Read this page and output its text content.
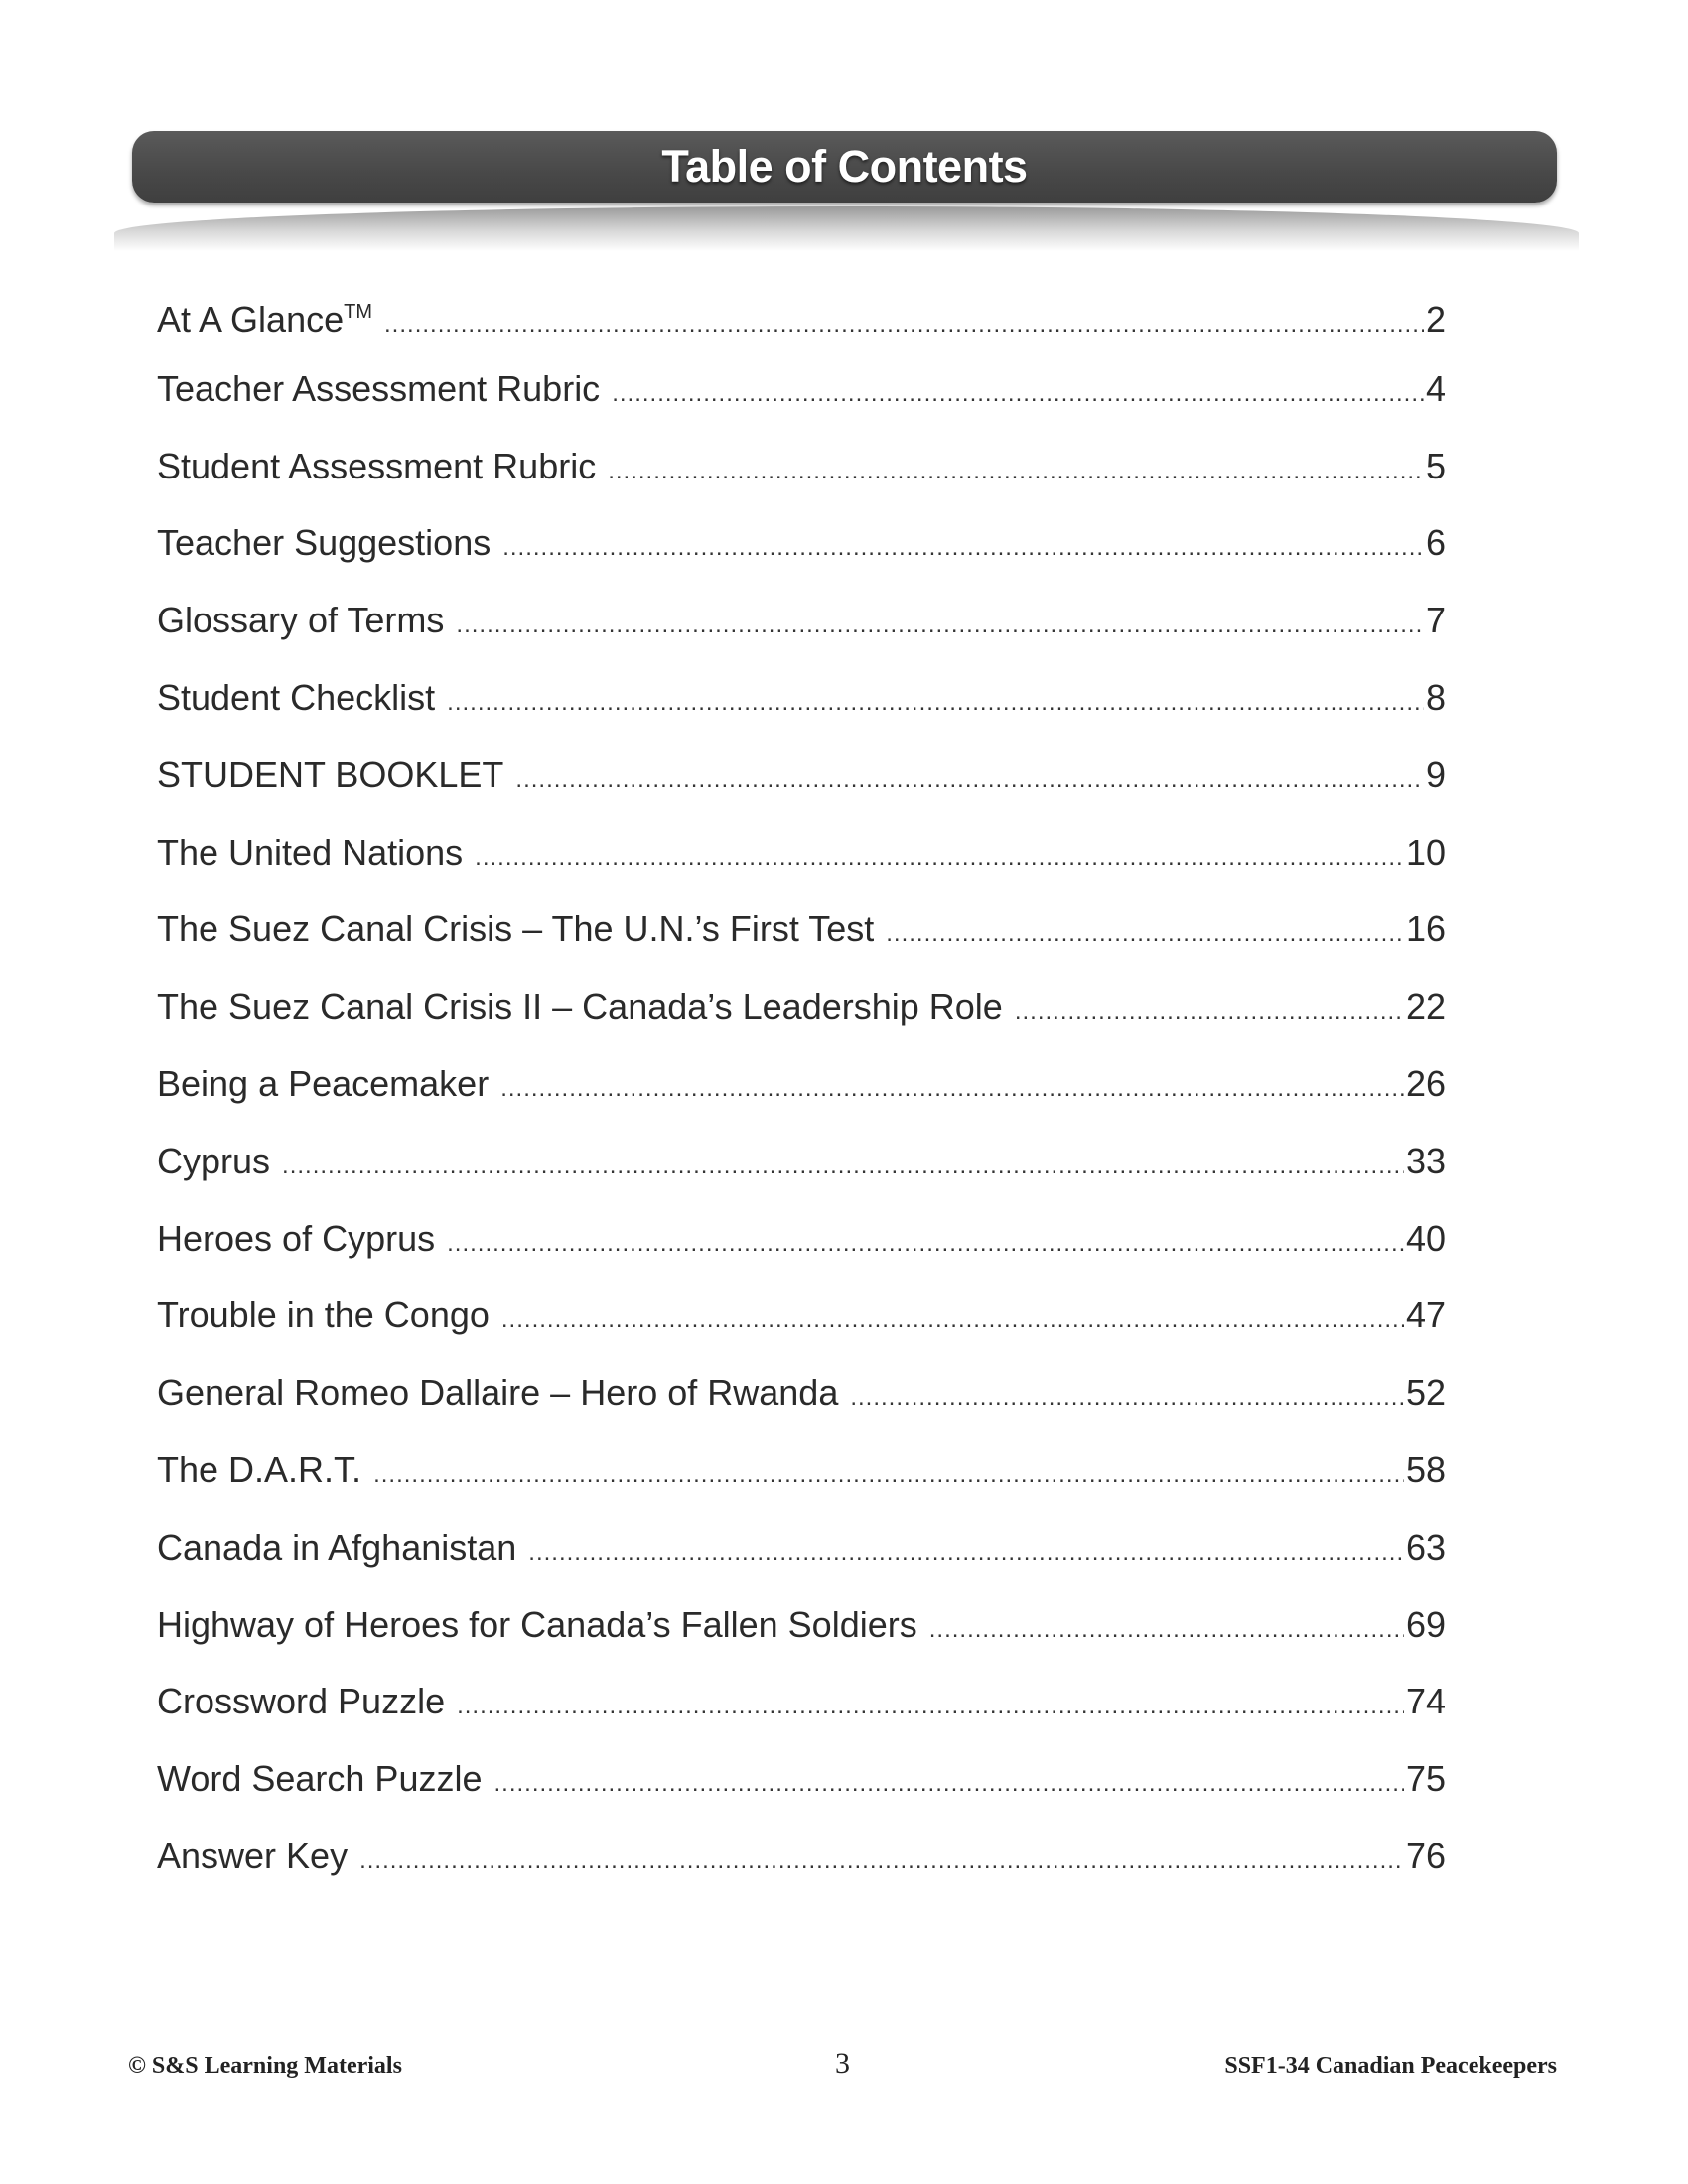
Table of Contents
At A Glance™ .....	2
Teacher Assessment Rubric .....	4
Student Assessment Rubric .....	5
Teacher Suggestions .....	6
Glossary of Terms .....	7
Student Checklist .....	8
STUDENT BOOKLET .....	9
The United Nations .....	10
The Suez Canal Crisis – The U.N.’s First Test .....	16
The Suez Canal Crisis II – Canada’s Leadership Role .....	22
Being a Peacemaker .....	26
Cyprus .....	33
Heroes of Cyprus .....	40
Trouble in the Congo .....	47
General Romeo Dallaire – Hero of Rwanda .....	52
The D.A.R.T. .....	58
Canada in Afghanistan .....	63
Highway of Heroes for Canada’s Fallen Soldiers .....	69
Crossword Puzzle .....	74
Word Search Puzzle .....	75
Answer Key .....	76
© S&S Learning Materials	3	SSF1-34 Canadian Peacekeepers
